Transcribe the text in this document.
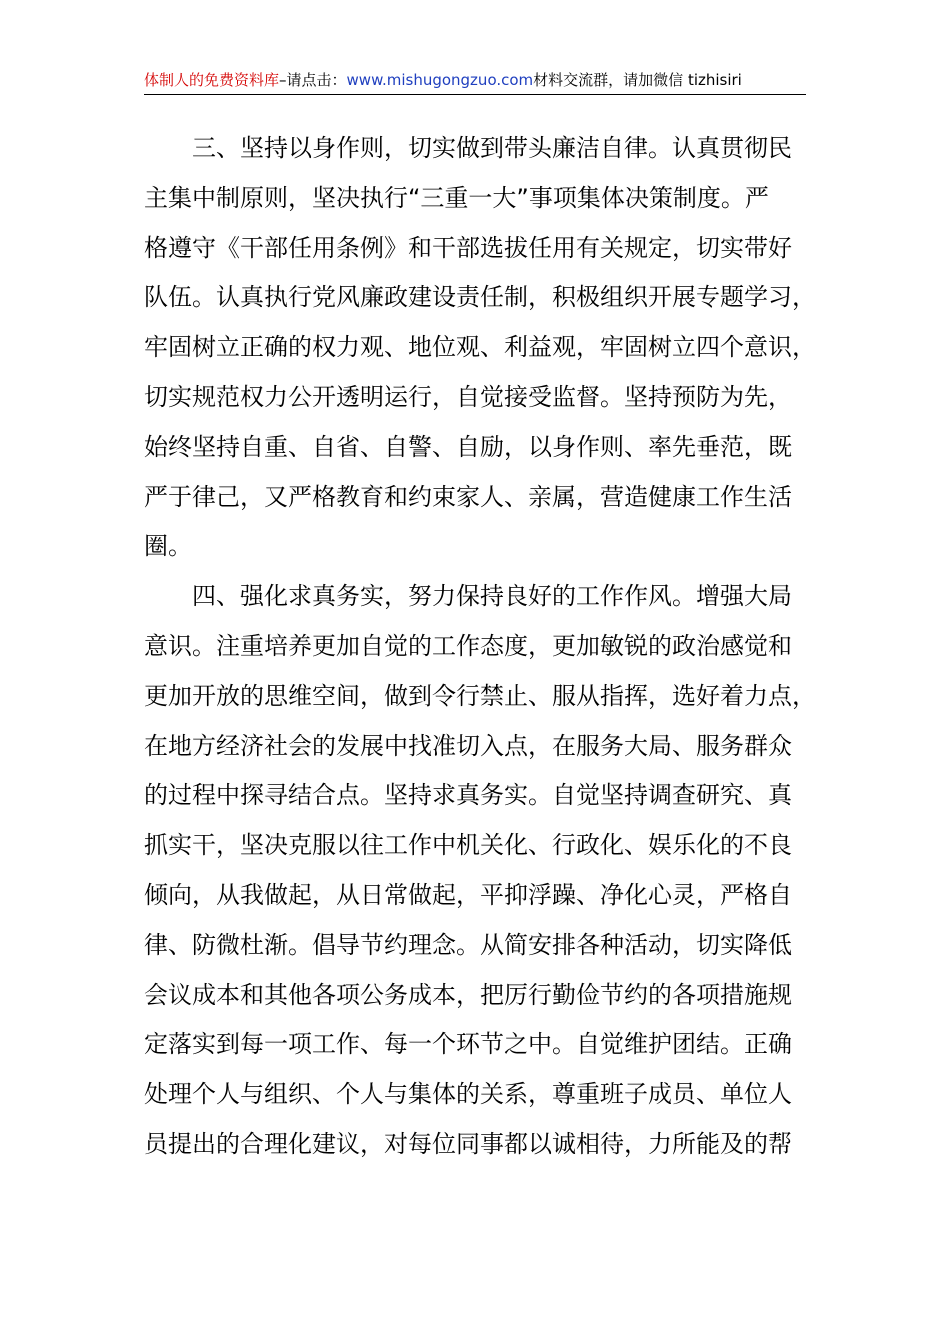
体制人的免费资料库–请点击：www.mishugongzuo.com材料交流群，请加微信 tizhisiri
三、坚持以身作则，切实做到带头廉洁自律。认真贯彻民
主集中制原则，坚决执行“三重一大”事项集体决策制度。严
格遵守《干部任用条例》和干部选拔任用有关规定，切实带好
队伍。认真执行党风廉政建设责任制，积极组织开展专题学习，
牢固树立正确的权力观、地位观、利益观，牢固树立四个意识，
切实规范权力公开透明运行，自觉接受监督。坚持预防为先，
始终坚持自重、自省、自警、自励，以身作则、率先垂范，既
严于律己，又严格教育和约束家人、亲属，营造健康工作生活
圈。
四、强化求真务实，努力保持良好的工作作风。增强大局
意识。注重培养更加自觉的工作态度，更加敏锐的政治感觉和
更加开放的思维空间，做到令行禁止、服从指挥，选好着力点，
在地方经济社会的发展中找准切入点，在服务大局、服务群众
的过程中探寻结合点。坚持求真务实。自觉坚持调查研究、真
抓实干，坚决克服以往工作中机关化、行政化、娱乐化的不良
倾向，从我做起，从日常做起，平抑浮躁、净化心灵，严格自
律、防微杜渐。倡导节约理念。从简安排各种活动，切实降低
会议成本和其他各项公务成本，把厉行勤俭节约的各项措施规
定落实到每一项工作、每一个环节之中。自觉维护团结。正确
处理个人与组织、个人与集体的关系，尊重班子成员、单位人
员提出的合理化建议，对每位同事都以诚相待，力所能及的帮
